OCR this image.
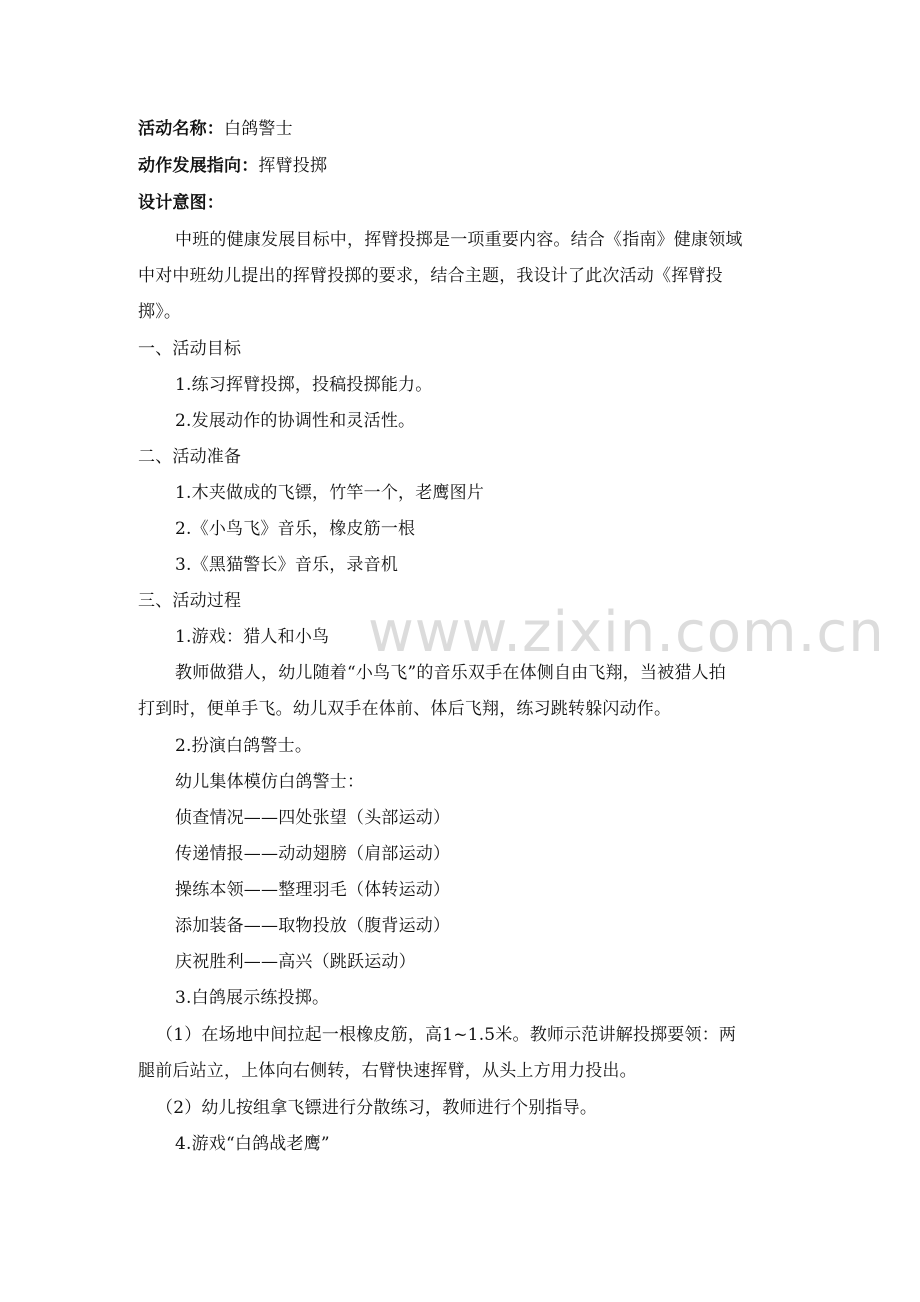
活动名称：白鸽警士
动作发展指向：挥臂投掷
设计意图：
中班的健康发展目标中，挥臂投掷是一项重要内容。结合《指南》健康领域
中对中班幼儿提出的挥臂投掷的要求，结合主题，我设计了此次活动《挥臂投
掷》。
一、活动目标
1.练习挥臂投掷，投稿投掷能力。
2.发展动作的协调性和灵活性。
二、活动准备
1.木夹做成的飞镖，竹竿一个，老鹰图片
2.《小鸟飞》音乐，橡皮筋一根
3.《黑猫警长》音乐，录音机
三、活动过程
1.游戏：猎人和小鸟
教师做猎人，幼儿随着“小鸟飞”的音乐双手在体侧自由飞翔，当被猎人拍
打到时，便单手飞。幼儿双手在体前、体后飞翔，练习跳转躲闪动作。
2.扮演白鸽警士。
幼儿集体模仿白鸽警士：
侦查情况——四处张望（头部运动）
传递情报——动动翅膀（肩部运动）
操练本领——整理羽毛（体转运动）
添加装备——取物投放（腹背运动）
庆祝胜利——高兴（跳跃运动）
3.白鸽展示练投掷。
（1）在场地中间拉起一根橡皮筋，高1~1.5米。教师示范讲解投掷要领：两
腿前后站立，上体向右侧转，右臂快速挥臂，从头上方用力投出。
（2）幼儿按组拿飞镖进行分散练习，教师进行个别指导。
4.游戏“白鸽战老鹰”
www.zixin.com.cn
